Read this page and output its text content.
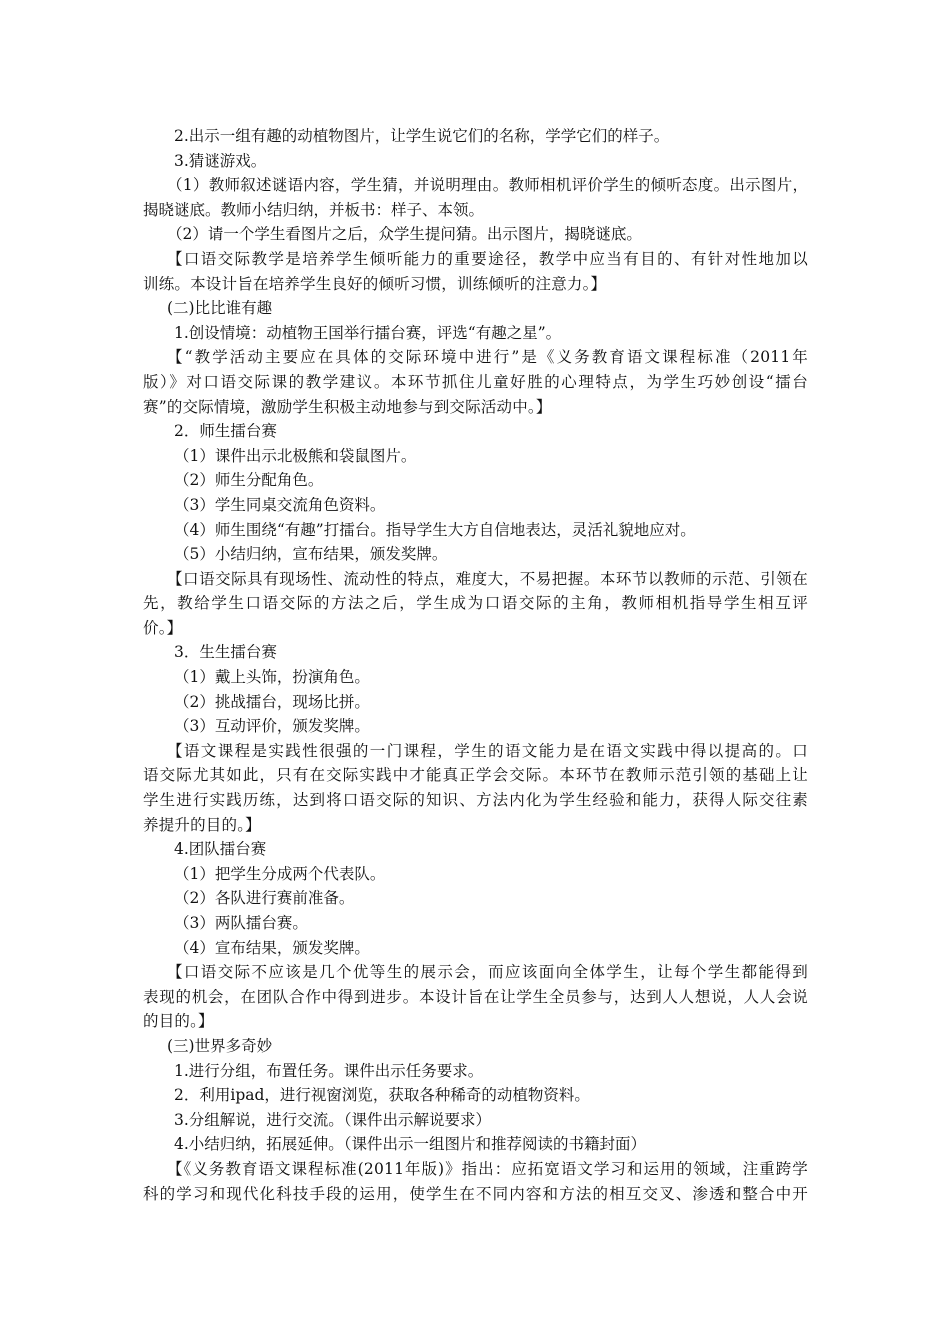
2.出示一组有趣的动植物图片，让学生说它们的名称，学学它们的样子。

3.猜谜游戏。

（1）教师叙述谜语内容，学生猜，并说明理由。教师相机评价学生的倾听态度。出示图片，

揭晓谜底。教师小结归纳，并板书：样子、本领。

（2）请一个学生看图片之后，众学生提问猜。出示图片，揭晓谜底。

【口语交际教学是培养学生倾听能力的重要途径，教学中应当有目的、有针对性地加以

训练。本设计旨在培养学生良好的倾听习惯，训练倾听的注意力。】

(二)比比谁有趣

1.创设情境：动植物王国举行擂台赛，评选“有趣之星”。

【“教学活动主要应在具体的交际环境中进行”是《义务教育语文课程标准（2011年

版）》对口语交际课的教学建议。本环节抓住儿童好胜的心理特点，为学生巧妙创设“擂台

赛”的交际情境，激励学生积极主动地参与到交际活动中。】

2．师生擂台赛

（1）课件出示北极熊和袋鼠图片。

（2）师生分配角色。

（3）学生同桌交流角色资料。

（4）师生围绕“有趣”打擂台。指导学生大方自信地表达，灵活礼貌地应对。

（5）小结归纳，宣布结果，颁发奖牌。

【口语交际具有现场性、流动性的特点，难度大，不易把握。本环节以教师的示范、引领在

先，教给学生口语交际的方法之后，学生成为口语交际的主角，教师相机指导学生相互评

价。】

3．生生擂台赛

（1）戴上头饰，扮演角色。

（2）挑战擂台，现场比拼。

（3）互动评价，颁发奖牌。

【语文课程是实践性很强的一门课程，学生的语文能力是在语文实践中得以提高的。口

语交际尤其如此，只有在交际实践中才能真正学会交际。本环节在教师示范引领的基础上让

学生进行实践历练，达到将口语交际的知识、方法内化为学生经验和能力，获得人际交往素

养提升的目的。】

4.团队擂台赛

（1）把学生分成两个代表队。

（2）各队进行赛前准备。

（3）两队擂台赛。

（4）宣布结果，颁发奖牌。

【口语交际不应该是几个优等生的展示会，而应该面向全体学生，让每个学生都能得到

表现的机会，在团队合作中得到进步。本设计旨在让学生全员参与，达到人人想说，人人会说

的目的。】

(三)世界多奇妙

1.进行分组，布置任务。课件出示任务要求。

2．利用ipad，进行视窗浏览，获取各种稀奇的动植物资料。

3.分组解说，进行交流。（课件出示解说要求）

4.小结归纳，拓展延伸。（课件出示一组图片和推荐阅读的书籍封面）

【《义务教育语文课程标准(2011年版)》指出：应拓宽语文学习和运用的领域，注重跨学

科的学习和现代化科技手段的运用，使学生在不同内容和方法的相互交叉、渗透和整合中开
